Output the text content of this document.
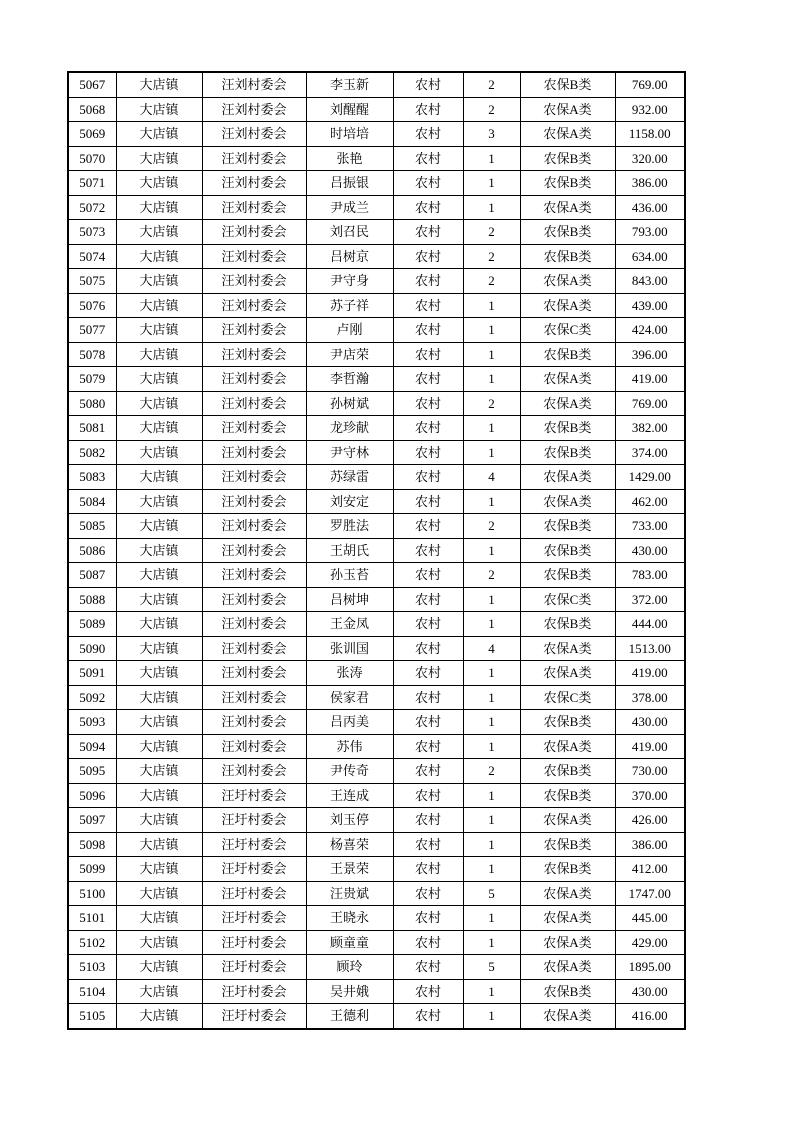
5067	大店镇	汪刘村委会	李玉新	农村	2	农保B类	769.00
5068	大店镇	汪刘村委会	刘醒醒	农村	2	农保A类	932.00
5069	大店镇	汪刘村委会	时培培	农村	3	农保A类	1158.00
5070	大店镇	汪刘村委会	张艳	农村	1	农保B类	320.00
5071	大店镇	汪刘村委会	吕振银	农村	1	农保B类	386.00
5072	大店镇	汪刘村委会	尹成兰	农村	1	农保A类	436.00
5073	大店镇	汪刘村委会	刘召民	农村	2	农保B类	793.00
5074	大店镇	汪刘村委会	吕树京	农村	2	农保B类	634.00
5075	大店镇	汪刘村委会	尹守身	农村	2	农保A类	843.00
5076	大店镇	汪刘村委会	苏子祥	农村	1	农保A类	439.00
5077	大店镇	汪刘村委会	卢刚	农村	1	农保C类	424.00
5078	大店镇	汪刘村委会	尹店荣	农村	1	农保B类	396.00
5079	大店镇	汪刘村委会	李哲瀚	农村	1	农保A类	419.00
5080	大店镇	汪刘村委会	孙树斌	农村	2	农保A类	769.00
5081	大店镇	汪刘村委会	龙珍献	农村	1	农保B类	382.00
5082	大店镇	汪刘村委会	尹守林	农村	1	农保B类	374.00
5083	大店镇	汪刘村委会	苏绿雷	农村	4	农保A类	1429.00
5084	大店镇	汪刘村委会	刘安定	农村	1	农保A类	462.00
5085	大店镇	汪刘村委会	罗胜法	农村	2	农保B类	733.00
5086	大店镇	汪刘村委会	王胡氏	农村	1	农保B类	430.00
5087	大店镇	汪刘村委会	孙玉苔	农村	2	农保B类	783.00
5088	大店镇	汪刘村委会	吕树坤	农村	1	农保C类	372.00
5089	大店镇	汪刘村委会	王金凤	农村	1	农保B类	444.00
5090	大店镇	汪刘村委会	张训国	农村	4	农保A类	1513.00
5091	大店镇	汪刘村委会	张涛	农村	1	农保A类	419.00
5092	大店镇	汪刘村委会	侯家君	农村	1	农保C类	378.00
5093	大店镇	汪刘村委会	吕丙美	农村	1	农保B类	430.00
5094	大店镇	汪刘村委会	苏伟	农村	1	农保A类	419.00
5095	大店镇	汪刘村委会	尹传奇	农村	2	农保B类	730.00
5096	大店镇	汪圩村委会	王连成	农村	1	农保B类	370.00
5097	大店镇	汪圩村委会	刘玉停	农村	1	农保A类	426.00
5098	大店镇	汪圩村委会	杨喜荣	农村	1	农保B类	386.00
5099	大店镇	汪圩村委会	王景荣	农村	1	农保B类	412.00
5100	大店镇	汪圩村委会	汪贵斌	农村	5	农保A类	1747.00
5101	大店镇	汪圩村委会	王晓永	农村	1	农保A类	445.00
5102	大店镇	汪圩村委会	顾童童	农村	1	农保A类	429.00
5103	大店镇	汪圩村委会	顾玲	农村	5	农保A类	1895.00
5104	大店镇	汪圩村委会	吴井娥	农村	1	农保B类	430.00
5105	大店镇	汪圩村委会	王德利	农村	1	农保A类	416.00
